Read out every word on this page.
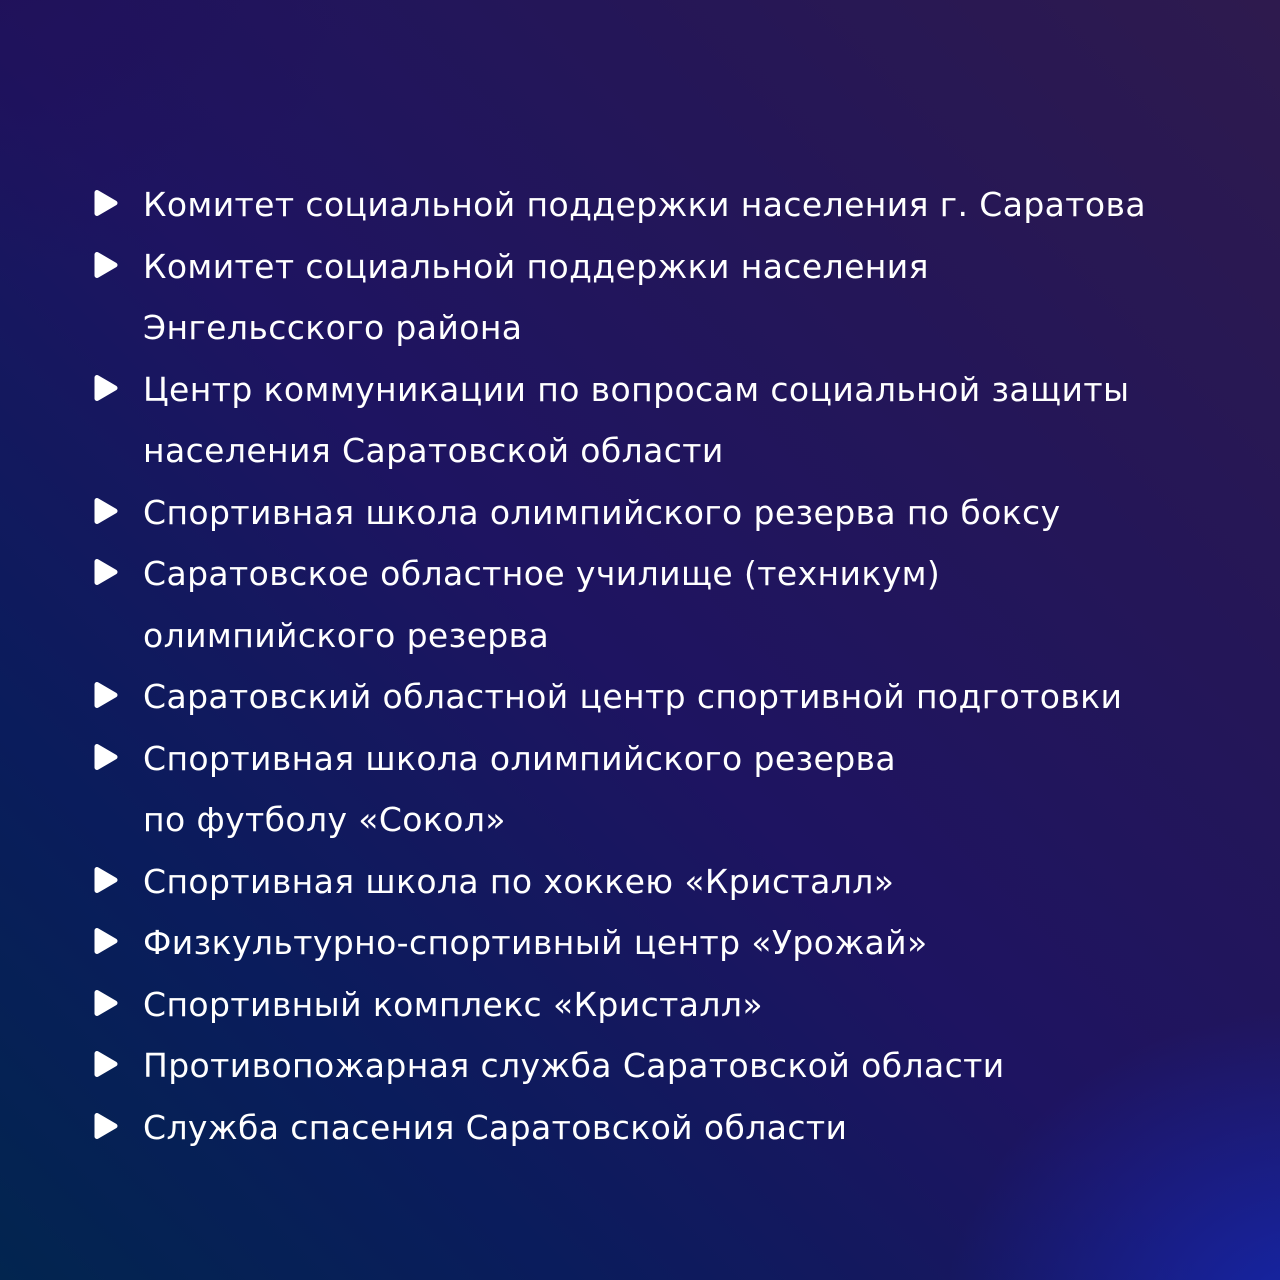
Комитет социальной поддержки населения г. Саратова
Комитет социальной поддержки населения
Энгельсского района
Центр коммуникации по вопросам социальной защиты
населения Саратовской области
Спортивная школа олимпийского резерва по боксу
Саратовское областное училище (техникум)
олимпийского резерва
Саратовский областной центр спортивной подготовки
Спортивная школа олимпийского резерва
по футболу «Сокол»
Спортивная школа по хоккею «Кристалл»
Физкультурно-спортивный центр «Урожай»
Спортивный комплекс «Кристалл»
Противопожарная служба Саратовской области
Служба спасения Саратовской области
